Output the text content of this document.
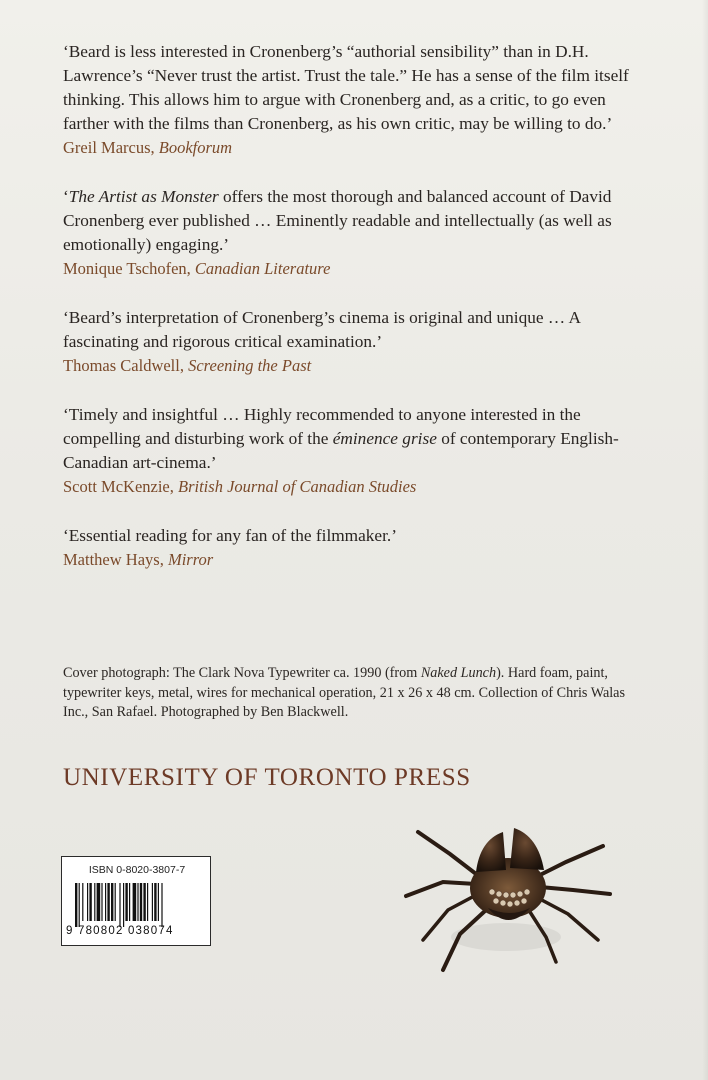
‘Beard is less interested in Cronenberg’s “authorial sensibility” than in D.H. Lawrence’s “Never trust the artist. Trust the tale.” He has a sense of the film itself thinking. This allows him to argue with Cronenberg and, as a critic, to go even farther with the films than Cronenberg, as his own critic, may be willing to do.’

Greil Marcus, Bookforum

‘The Artist as Monster offers the most thorough and balanced account of David Cronenberg ever published … Eminently readable and intellectually (as well as emotionally) engaging.’

Monique Tschofen, Canadian Literature

‘Beard’s interpretation of Cronenberg’s cinema is original and unique … A fascinating and rigorous critical examination.’

Thomas Caldwell, Screening the Past

‘Timely and insightful … Highly recommended to anyone interested in the compelling and disturbing work of the éminence grise of contemporary English-Canadian art-cinema.’

Scott McKenzie, British Journal of Canadian Studies

‘Essential reading for any fan of the filmmaker.’

Matthew Hays, Mirror

Cover photograph: The Clark Nova Typewriter ca. 1990 (from Naked Lunch). Hard foam, paint, typewriter keys, metal, wires for mechanical operation, 21 x 26 x 48 cm. Collection of Chris Walas Inc., San Rafael. Photographed by Ben Blackwell.
UNIVERSITY OF TORONTO PRESS
ISBN 0-8020-3807-7
9 780802 038074
